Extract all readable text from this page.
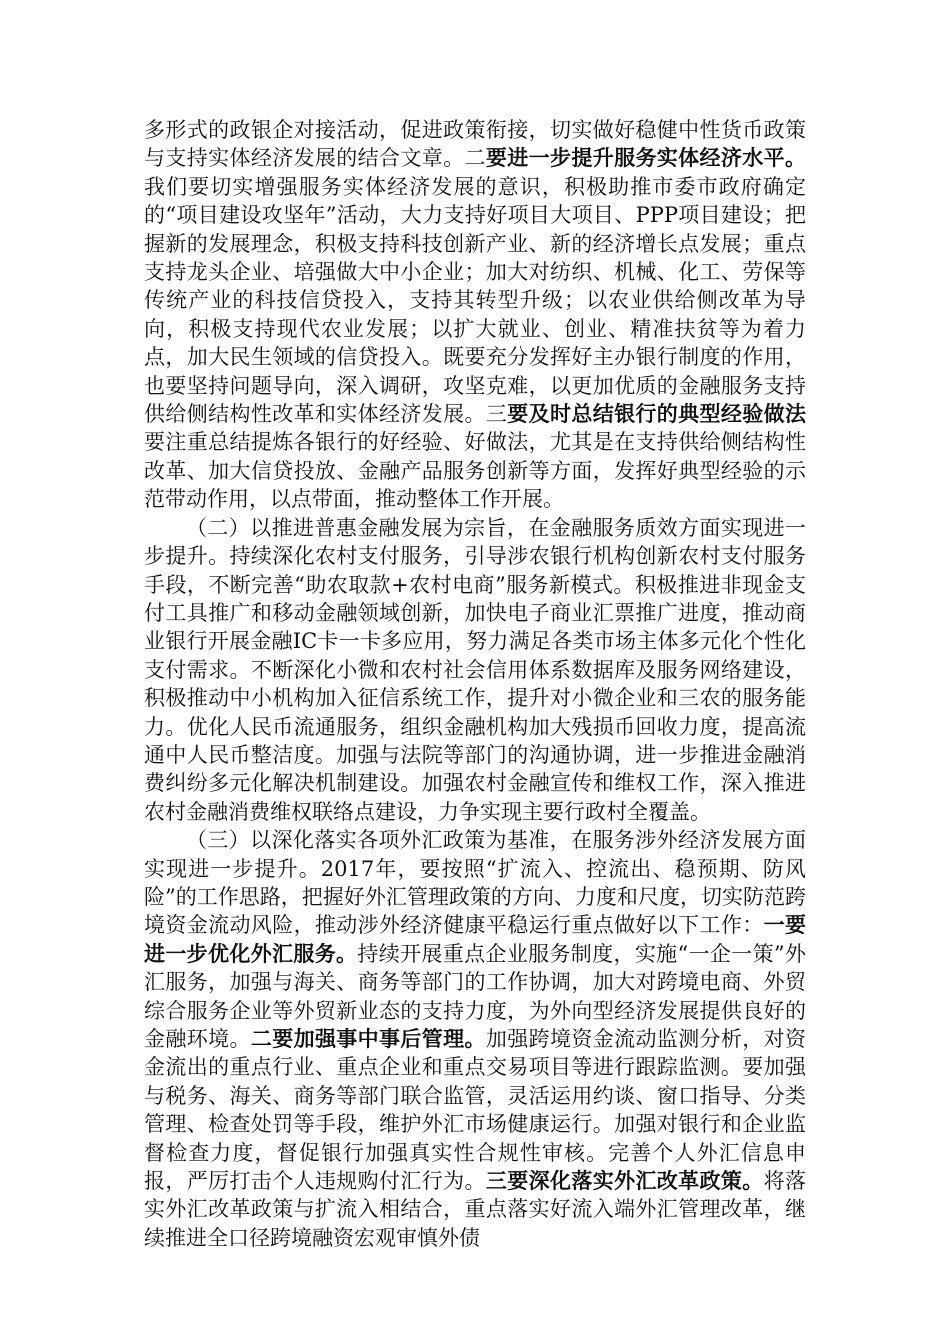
多形式的政银企对接活动，促进政策衔接，切实做好稳健中性货币政策与支持实体经济发展的结合文章。二要进一步提升服务实体经济水平。我们要切实增强服务实体经济发展的意识，积极助推市委市政府确定的“项目建设攻坚年”活动，大力支持好项目大项目、PPP项目建设；把握新的发展理念，积极支持科技创新产业、新的经济增长点发展；重点支持龙头企业、培强做大中小企业；加大对纺织、机械、化工、劳保等传统产业的科技信贷投入，支持其转型升级；以农业供给侧改革为导向，积极支持现代农业发展；以扩大就业、创业、精准扶贫等为着力点，加大民生领域的信贷投入。既要充分发挥好主办银行制度的作用，也要坚持问题导向，深入调研，攻坚克难，以更加优质的金融服务支持供给侧结构性改革和实体经济发展。三要及时总结银行的典型经验做法要注重总结提炼各银行的好经验、好做法，尤其是在支持供给侧结构性改革、加大信贷投放、金融产品服务创新等方面，发挥好典型经验的示范带动作用，以点带面，推动整体工作开展。

（二）以推进普惠金融发展为宗旨，在金融服务质效方面实现进一步提升。持续深化农村支付服务，引导涉农银行机构创新农村支付服务手段，不断完善“助农取款+农村电商”服务新模式。积极推进非现金支付工具推广和移动金融领域创新，加快电子商业汇票推广进度，推动商业银行开展金融IC卡一卡多应用，努力满足各类市场主体多元化个性化支付需求。不断深化小微和农村社会信用体系数据库及服务网络建设，积极推动中小机构加入征信系统工作，提升对小微企业和三农的服务能力。优化人民币流通服务，组织金融机构加大残损币回收力度，提高流通中人民币整洁度。加强与法院等部门的沟通协调，进一步推进金融消费纠纷多元化解决机制建设。加强农村金融宣传和维权工作，深入推进农村金融消费维权联络点建设，力争实现主要行政村全覆盖。

（三）以深化落实各项外汇政策为基准，在服务涉外经济发展方面实现进一步提升。2017年，要按照“扩流入、控流出、稳预期、防风险”的工作思路，把握好外汇管理政策的方向、力度和尺度，切实防范跨境资金流动风险，推动涉外经济健康平稳运行重点做好以下工作：一要进一步优化外汇服务。持续开展重点企业服务制度，实施“一企一策”外汇服务，加强与海关、商务等部门的工作协调，加大对跨境电商、外贸综合服务企业等外贸新业态的支持力度，为外向型经济发展提供良好的金融环境。二要加强事中事后管理。加强跨境资金流动监测分析，对资金流出的重点行业、重点企业和重点交易项目等进行跟踪监测。要加强与税务、海关、商务等部门联合监管，灵活运用约谈、窗口指导、分类管理、检查处罚等手段，维护外汇市场健康运行。加强对银行和企业监督检查力度，督促银行加强真实性合规性审核。完善个人外汇信息申报，严厉打击个人违规购付汇行为。三要深化落实外汇改革政策。将落实外汇改革政策与扩流入相结合，重点落实好流入端外汇管理改革，继续推进全口径跨境融资宏观审慎外债
